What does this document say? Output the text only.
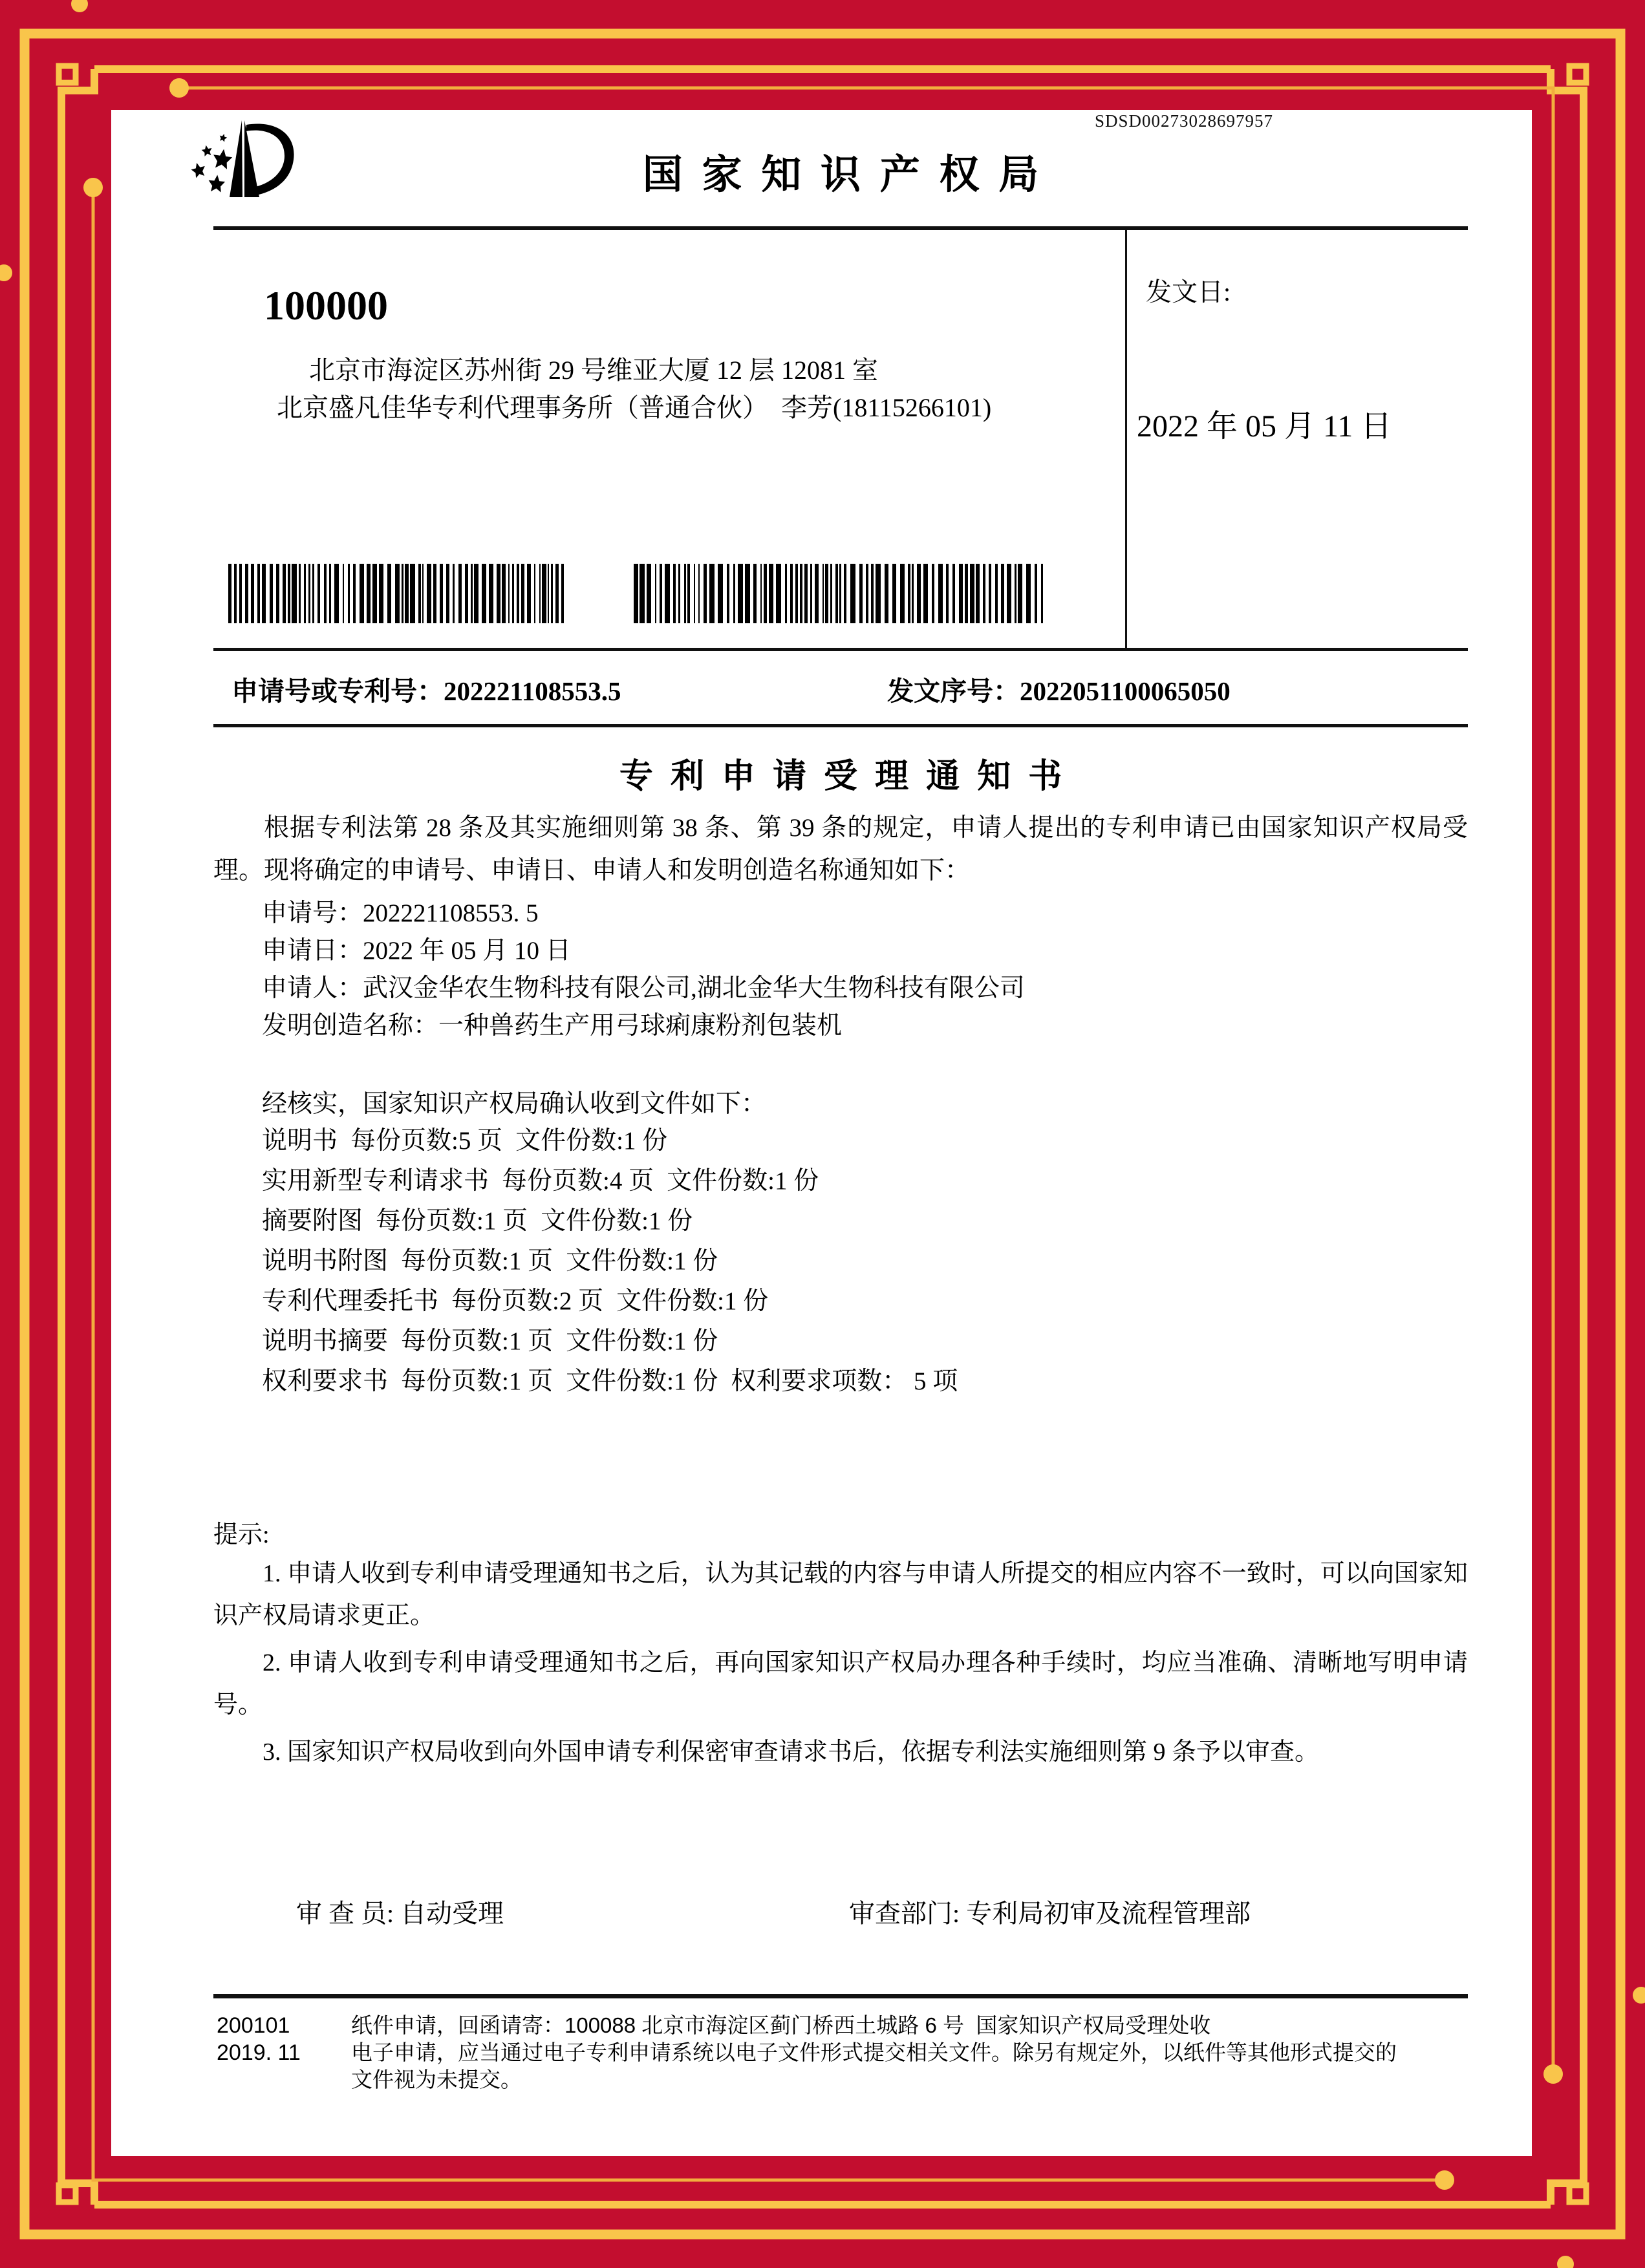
SDSD00273028697957
国家知识产权局
发文日:
2022 年 05 月 11 日
100000
北京市海淀区苏州街 29 号维亚大厦 12 层 12081 室
北京盛凡佳华专利代理事务所（普通合伙）  李芳(18115266101)
申请号或专利号：202221108553.5	发文序号：2022051100065050
专利申请受理通知书
根据专利法第 28 条及其实施细则第 38 条、第 39 条的规定，申请人提出的专利申请已由国家知识产权局受理。现将确定的申请号、申请日、申请人和发明创造名称通知如下：
申请号：202221108553. 5
申请日：2022 年 05 月 10 日
申请人：武汉金华农生物科技有限公司,湖北金华大生物科技有限公司
发明创造名称：一种兽药生产用弓球痢康粉剂包装机
经核实，国家知识产权局确认收到文件如下：
说明书 每份页数:5 页 文件份数:1 份
实用新型专利请求书 每份页数:4 页 文件份数:1 份
摘要附图 每份页数:1 页 文件份数:1 份
说明书附图 每份页数:1 页 文件份数:1 份
专利代理委托书 每份页数:2 页 文件份数:1 份
说明书摘要 每份页数:1 页 文件份数:1 份
权利要求书 每份页数:1 页 文件份数:1 份 权利要求项数： 5 项
提示:

1. 申请人收到专利申请受理通知书之后，认为其记载的内容与申请人所提交的相应内容不一致时，可以向国家知识产权局请求更正。

2. 申请人收到专利申请受理通知书之后，再向国家知识产权局办理各种手续时，均应当准确、清晰地写明申请号。

3. 国家知识产权局收到向外国申请专利保密审查请求书后，依据专利法实施细则第 9 条予以审查。

审 查 员: 自动受理	审查部门: 专利局初审及流程管理部
200101
2019. 11
纸件申请，回函请寄：100088 北京市海淀区蓟门桥西土城路 6 号  国家知识产权局受理处收
电子申请，应当通过电子专利申请系统以电子文件形式提交相关文件。除另有规定外，以纸件等其他形式提交的
文件视为未提交。
